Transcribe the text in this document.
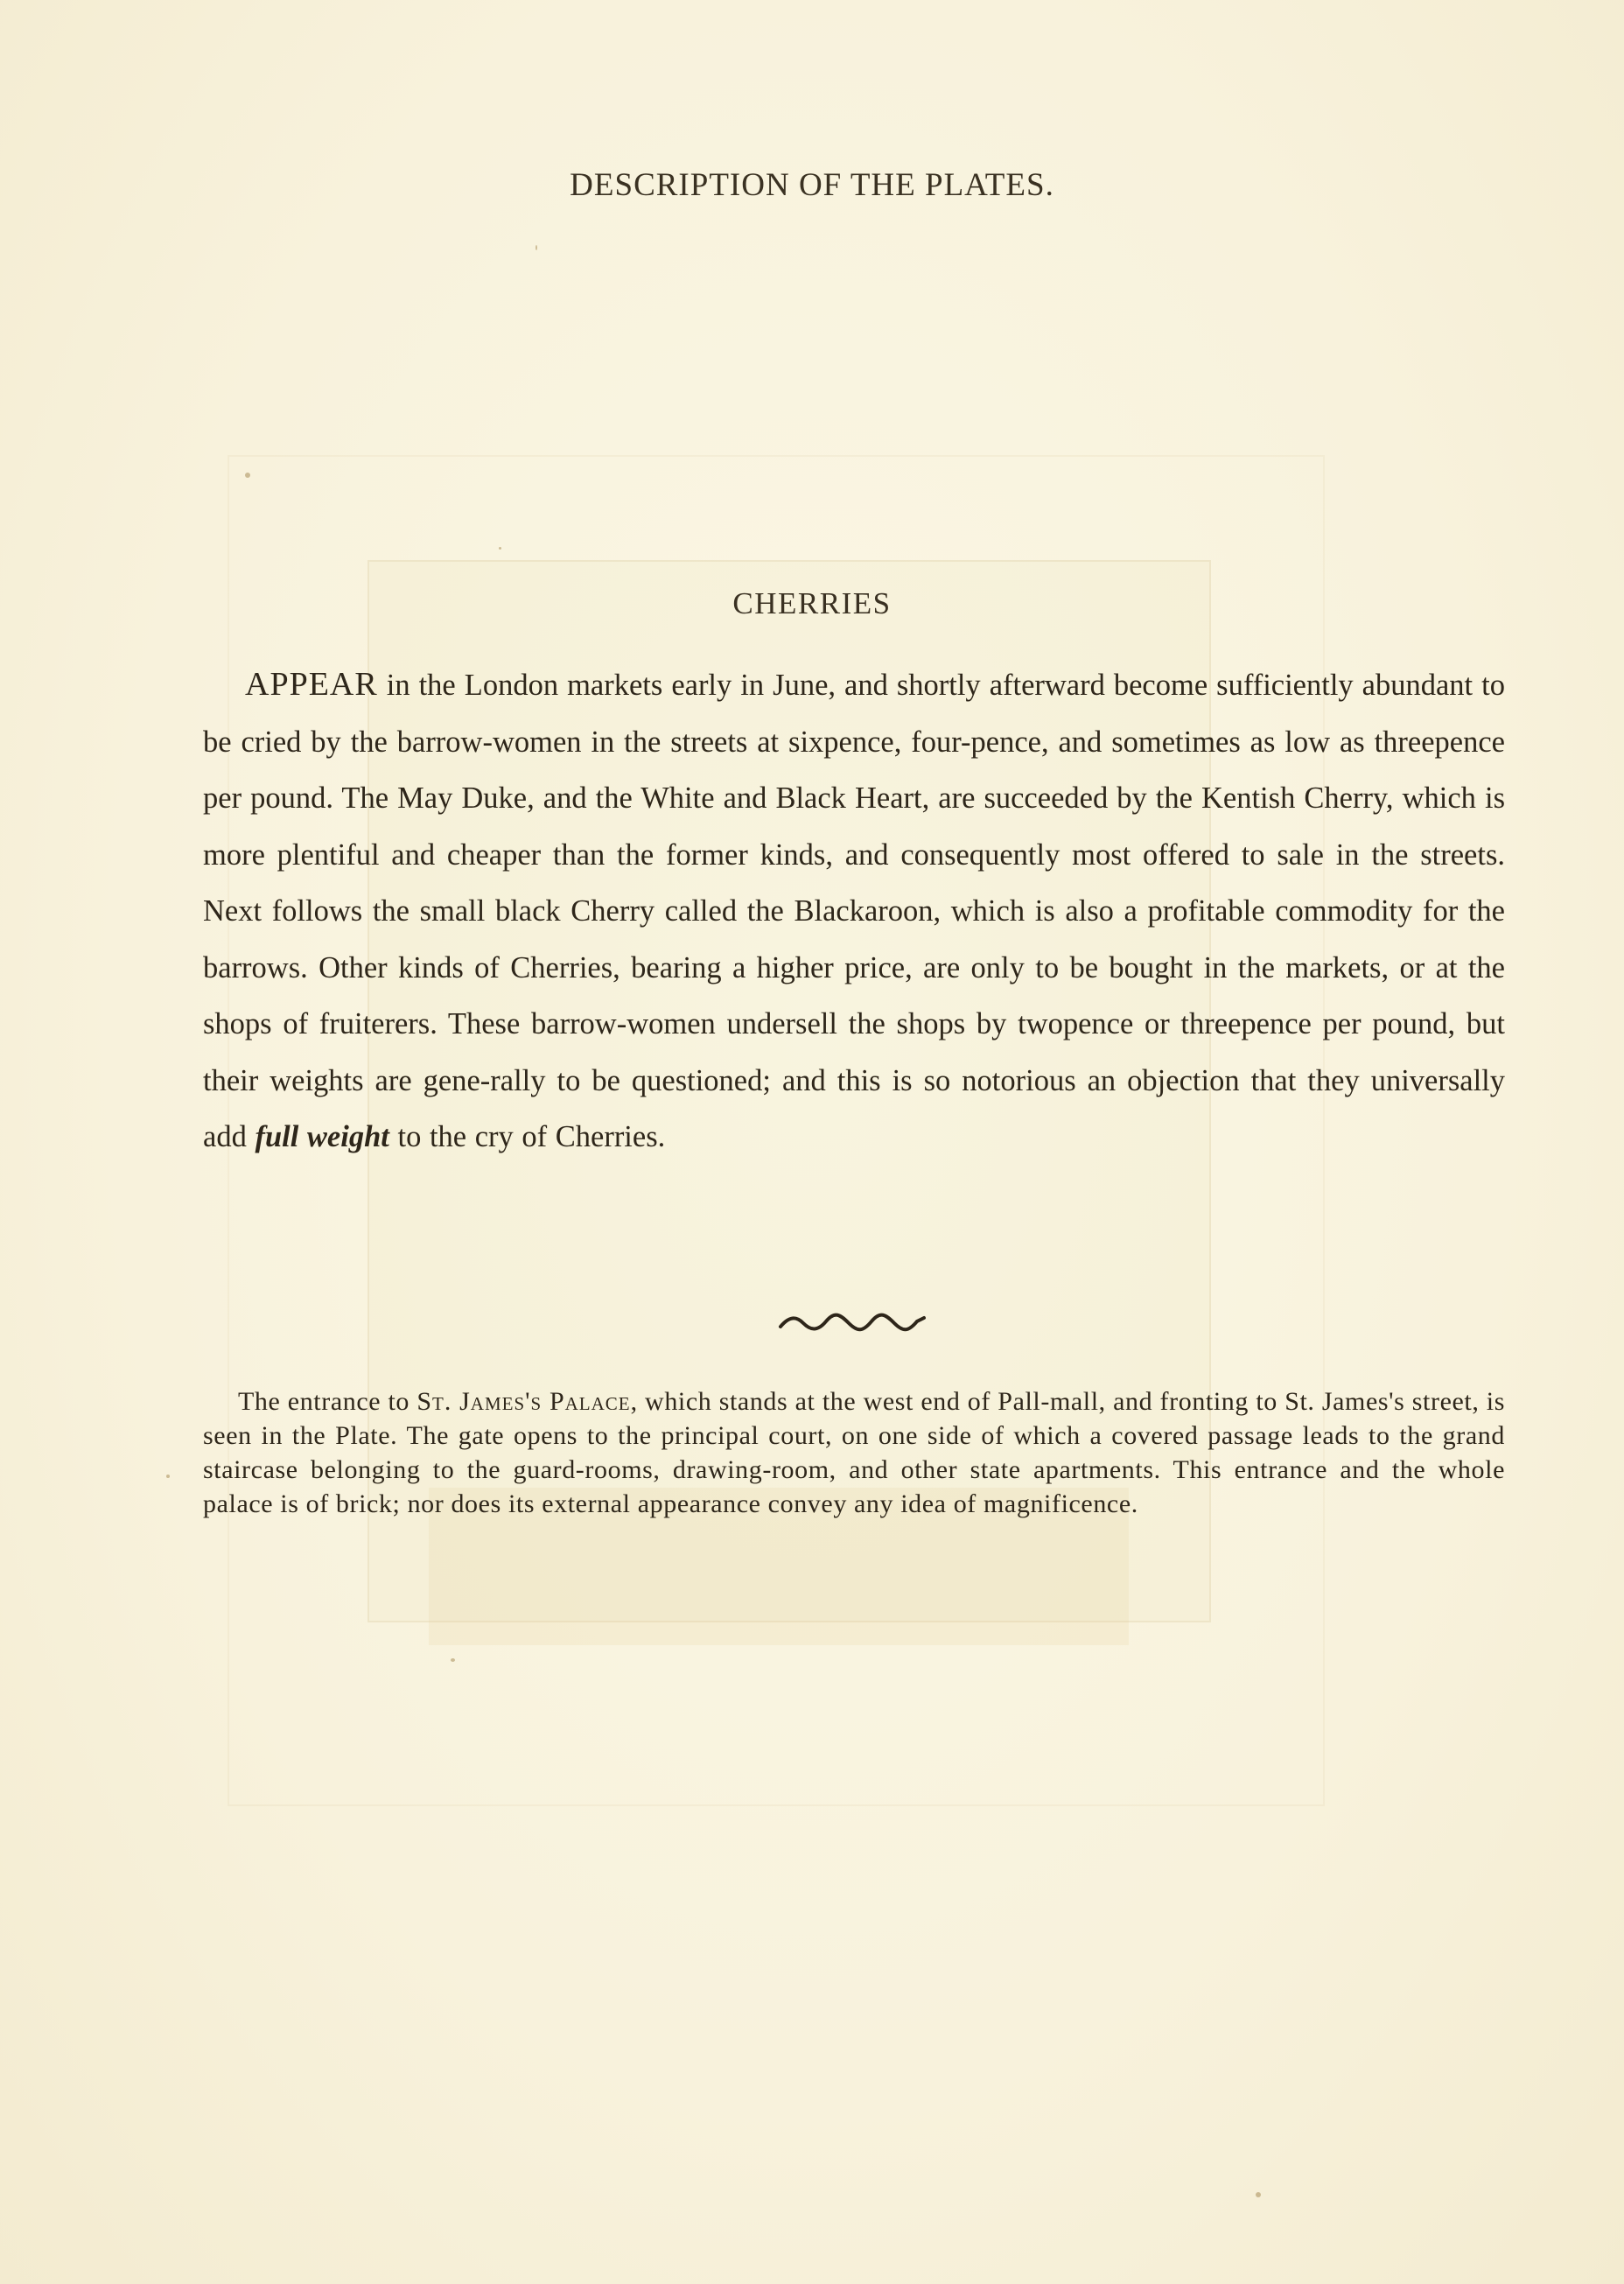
DESCRIPTION OF THE PLATES.
CHERRIES
APPEAR in the London markets early in June, and shortly afterward become sufficiently abundant to be cried by the barrow-women in the streets at sixpence, four-pence, and sometimes as low as threepence per pound. The May Duke, and the White and Black Heart, are succeeded by the Kentish Cherry, which is more plentiful and cheaper than the former kinds, and consequently most offered to sale in the streets. Next follows the small black Cherry called the Blackaroon, which is also a profitable commodity for the barrows. Other kinds of Cherries, bearing a higher price, are only to be bought in the markets, or at the shops of fruiterers. These barrow-women undersell the shops by twopence or threepence per pound, but their weights are gene-rally to be questioned; and this is so notorious an objection that they universally add full weight to the cry of Cherries.
The entrance to St. James's Palace, which stands at the west end of Pall-mall, and fronting to St. James's street, is seen in the Plate. The gate opens to the principal court, on one side of which a covered passage leads to the grand staircase belonging to the guard-rooms, drawing-room, and other state apartments. This entrance and the whole palace is of brick; nor does its external appearance convey any idea of magnificence.
